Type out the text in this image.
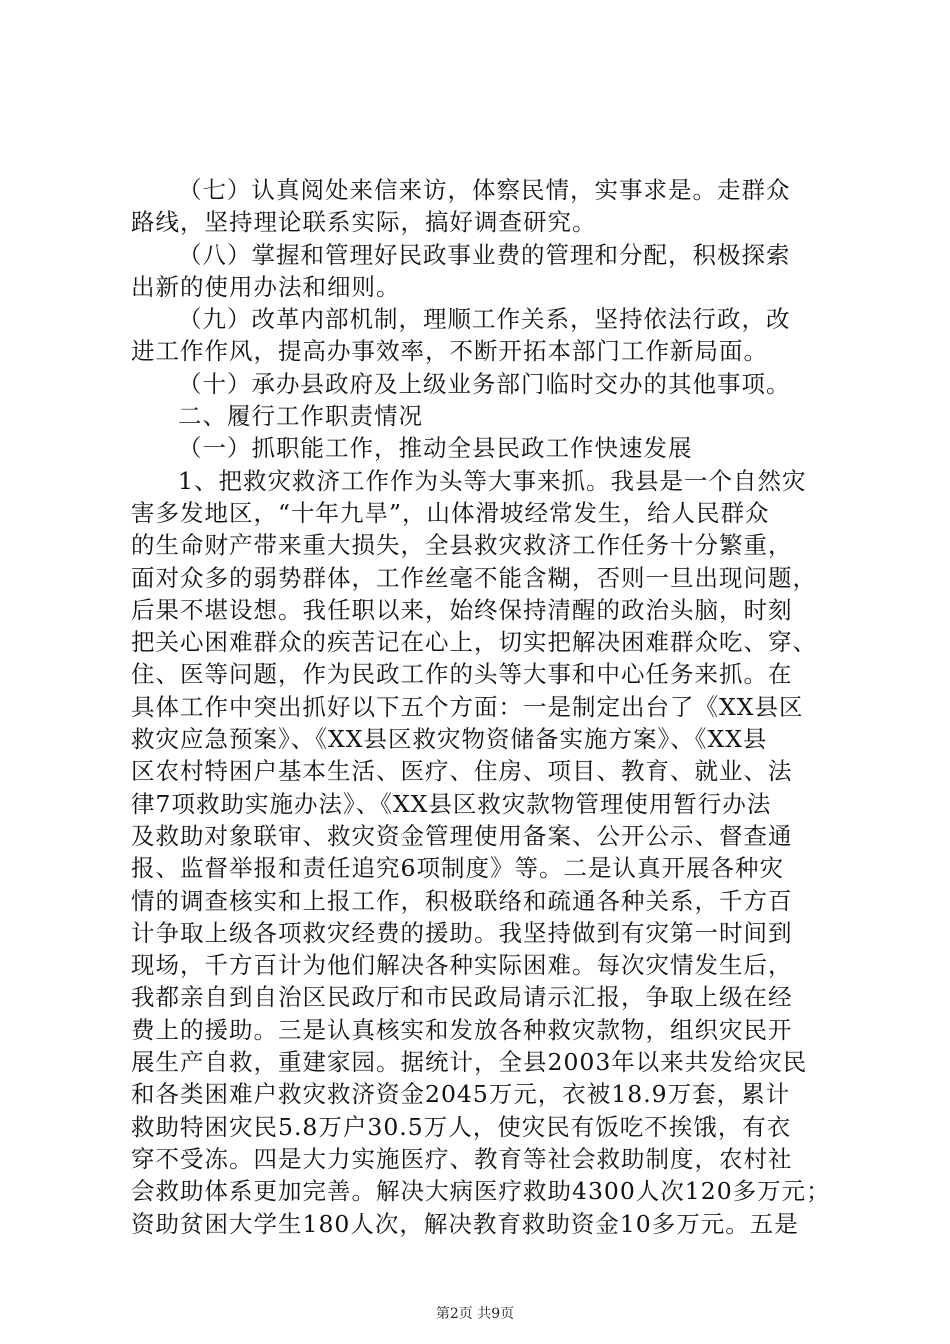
（七）认真阅处来信来访，体察民情，实事求是。走群众
路线，坚持理论联系实际，搞好调查研究。
（八）掌握和管理好民政事业费的管理和分配，积极探索
出新的使用办法和细则。
（九）改革内部机制，理顺工作关系，坚持依法行政，改
进工作作风，提高办事效率，不断开拓本部门工作新局面。
（十）承办县政府及上级业务部门临时交办的其他事项。
二、履行工作职责情况
（一）抓职能工作，推动全县民政工作快速发展
1、把救灾救济工作作为头等大事来抓。我县是一个自然灾
害多发地区，“十年九旱”，山体滑坡经常发生，给人民群众
的生命财产带来重大损失，全县救灾救济工作任务十分繁重，
面对众多的弱势群体，工作丝毫不能含糊，否则一旦出现问题，
后果不堪设想。我任职以来，始终保持清醒的政治头脑，时刻
把关心困难群众的疾苦记在心上，切实把解决困难群众吃、穿、
住、医等问题，作为民政工作的头等大事和中心任务来抓。在
具体工作中突出抓好以下五个方面：一是制定出台了《XX县区
救灾应急预案》、《XX县区救灾物资储备实施方案》、《XX县
区农村特困户基本生活、医疗、住房、项目、教育、就业、法
律7项救助实施办法》、《XX县区救灾款物管理使用暂行办法
及救助对象联审、救灾资金管理使用备案、公开公示、督查通
报、监督举报和责任追究6项制度》等。二是认真开展各种灾
情的调查核实和上报工作，积极联络和疏通各种关系，千方百
计争取上级各项救灾经费的援助。我坚持做到有灾第一时间到
现场，千方百计为他们解决各种实际困难。每次灾情发生后，
我都亲自到自治区民政厅和市民政局请示汇报，争取上级在经
费上的援助。三是认真核实和发放各种救灾款物，组织灾民开
展生产自救，重建家园。据统计，全县2003年以来共发给灾民
和各类困难户救灾救济资金2045万元，衣被18.9万套，累计
救助特困灾民5.8万户30.5万人，使灾民有饭吃不挨饿，有衣
穿不受冻。四是大力实施医疗、教育等社会救助制度，农村社
会救助体系更加完善。解决大病医疗救助4300人次120多万元；
资助贫困大学生180人次，解决教育救助资金10多万元。五是
第2页 共9页
